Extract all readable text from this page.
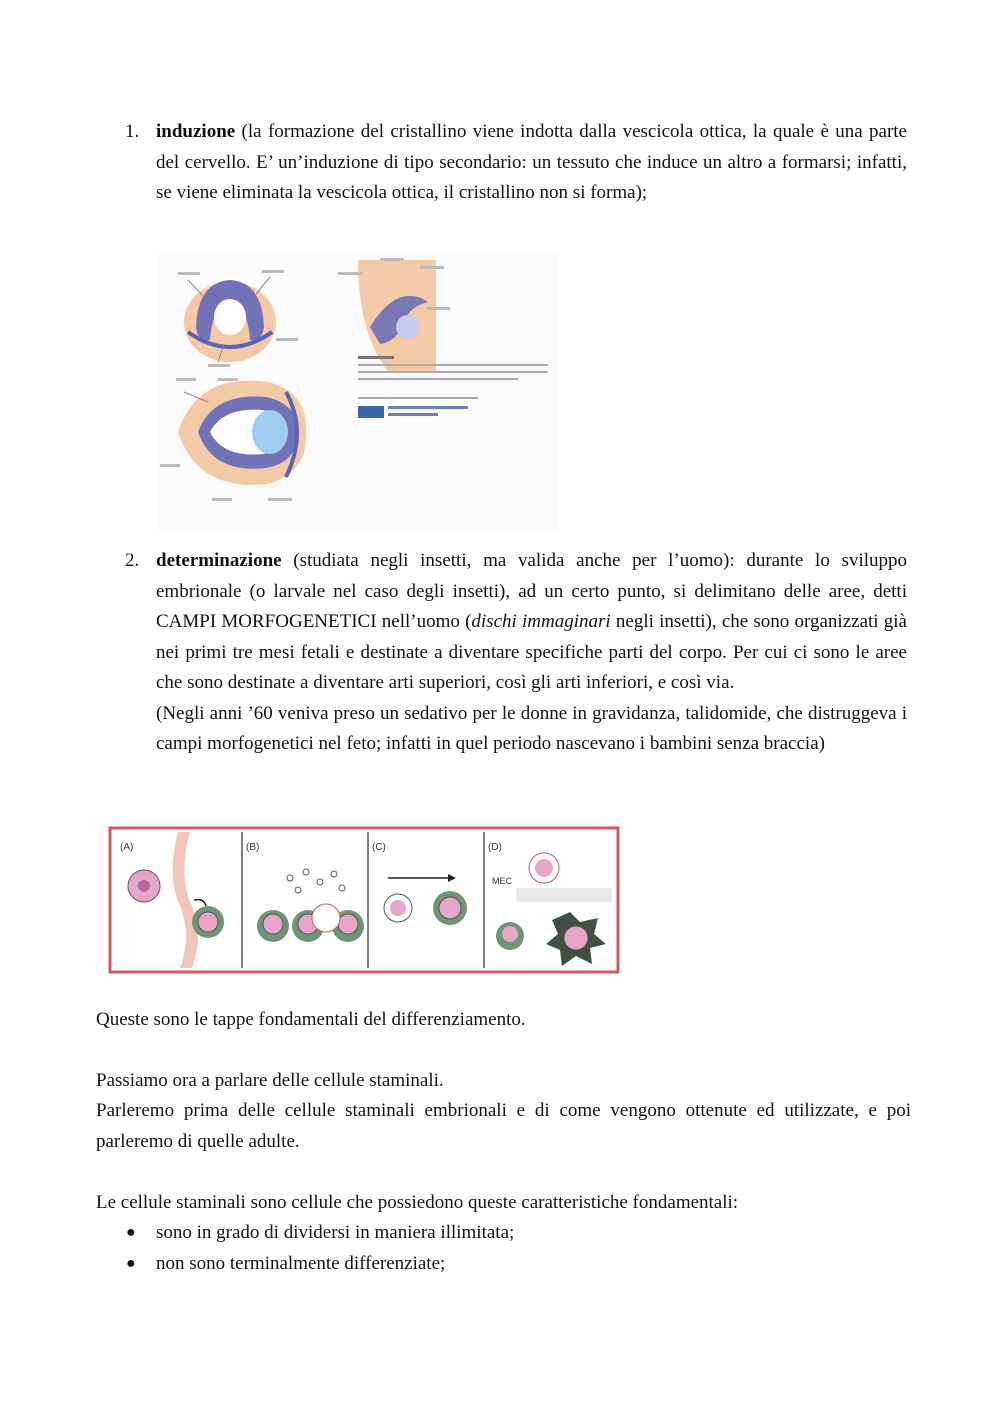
1. induzione (la formazione del cristallino viene indotta dalla vescicola ottica, la quale è una parte del cervello. E’ un’induzione di tipo secondario: un tessuto che induce un altro a formarsi; infatti, se viene eliminata la vescicola ottica, il cristallino non si forma);

2. determinazione (studiata negli insetti, ma valida anche per l’uomo): durante lo sviluppo embrionale (o larvale nel caso degli insetti), ad un certo punto, si delimitano delle aree, detti CAMPI MORFOGENETICI nell’uomo (dischi immaginari negli insetti), che sono organizzati già nei primi tre mesi fetali e destinate a diventare specifiche parti del corpo. Per cui ci sono le aree che sono destinate a diventare arti superiori, così gli arti inferiori, e così via.

(Negli anni ’60 veniva preso un sedativo per le donne in gravidanza, talidomide, che distruggeva i campi morfogenetici nel feto; infatti in quel periodo nascevano i bambini senza braccia)

(A)	(B)	(C)	(D)
MEC

Queste sono le tappe fondamentali del differenziamento.

Passiamo ora a parlare delle cellule staminali.

Parleremo prima delle cellule staminali embrionali e di come vengono ottenute ed utilizzate, e poi parleremo di quelle adulte.

Le cellule staminali sono cellule che possiedono queste caratteristiche fondamentali:

● sono in grado di dividersi in maniera illimitata;
● non sono terminalmente differenziate;
